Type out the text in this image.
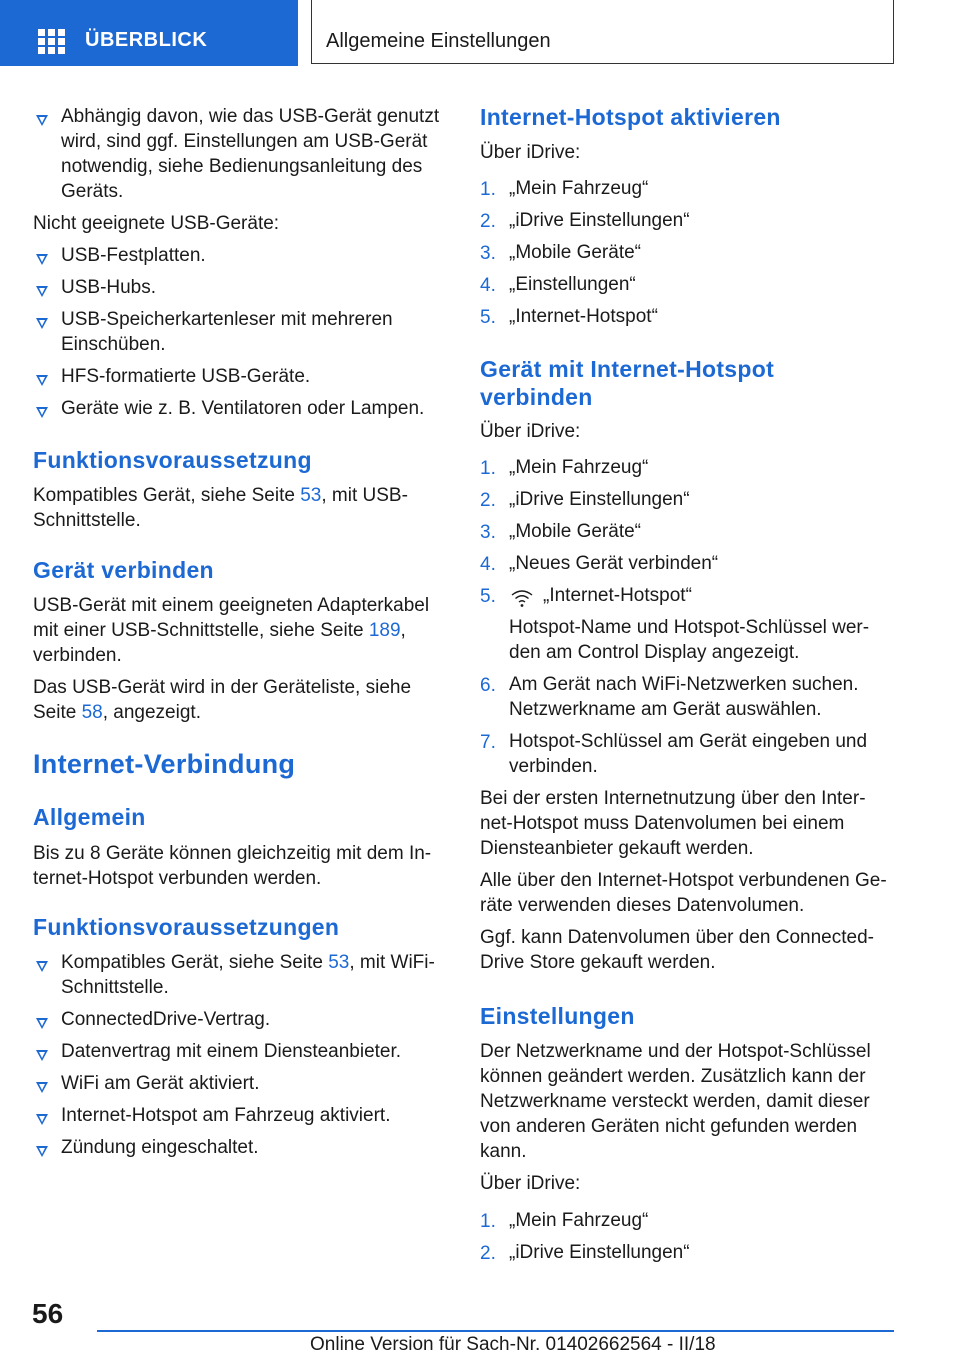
ÜBERBLICK	Allgemeine Einstellungen
Abhängig davon, wie das USB-Gerät genutzt
wird, sind ggf. Einstellungen am USB-Gerät
notwendig, siehe Bedienungsanleitung des
Geräts.
Nicht geeignete USB-Geräte:
USB-Festplatten.
USB-Hubs.
USB-Speicherkartenleser mit mehreren
Einschüben.
HFS-formatierte USB-Geräte.
Geräte wie z. B. Ventilatoren oder Lampen.
Funktionsvoraussetzung
Kompatibles Gerät, siehe Seite 53, mit USB-
Schnittstelle.
Gerät verbinden
USB-Gerät mit einem geeigneten Adapterkabel
mit einer USB-Schnittstelle, siehe Seite 189,
verbinden.
Das USB-Gerät wird in der Geräteliste, siehe
Seite 58, angezeigt.
Internet-Verbindung
Allgemein
Bis zu 8 Geräte können gleichzeitig mit dem In-
ternet-Hotspot verbunden werden.
Funktionsvoraussetzungen
Kompatibles Gerät, siehe Seite 53, mit WiFi-
Schnittstelle.
ConnectedDrive-Vertrag.
Datenvertrag mit einem Diensteanbieter.
WiFi am Gerät aktiviert.
Internet-Hotspot am Fahrzeug aktiviert.
Zündung eingeschaltet.
Internet-Hotspot aktivieren
Über iDrive:
1. „Mein Fahrzeug“
2. „iDrive Einstellungen“
3. „Mobile Geräte“
4. „Einstellungen“
5. „Internet-Hotspot“
Gerät mit Internet-Hotspot
verbinden
Über iDrive:
1. „Mein Fahrzeug“
2. „iDrive Einstellungen“
3. „Mobile Geräte“
4. „Neues Gerät verbinden“
5. „Internet-Hotspot“
Hotspot-Name und Hotspot-Schlüssel wer-
den am Control Display angezeigt.
6. Am Gerät nach WiFi-Netzwerken suchen.
Netzwerkname am Gerät auswählen.
7. Hotspot-Schlüssel am Gerät eingeben und
verbinden.
Bei der ersten Internetnutzung über den Inter-
net-Hotspot muss Datenvolumen bei einem
Diensteanbieter gekauft werden.
Alle über den Internet-Hotspot verbundenen Ge-
räte verwenden dieses Datenvolumen.
Ggf. kann Datenvolumen über den Connected-
Drive Store gekauft werden.
Einstellungen
Der Netzwerkname und der Hotspot-Schlüssel
können geändert werden. Zusätzlich kann der
Netzwerkname versteckt werden, damit dieser
von anderen Geräten nicht gefunden werden
kann.
Über iDrive:
1. „Mein Fahrzeug“
2. „iDrive Einstellungen“
56
Online Version für Sach-Nr. 01402662564 - II/18
